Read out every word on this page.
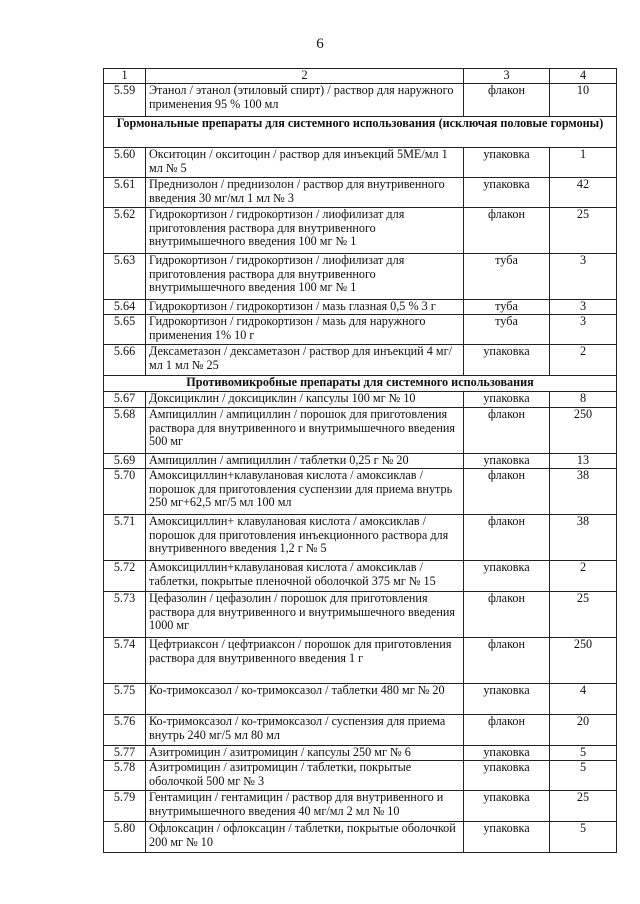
6
1	2	3	4
5.59	Этанол / этанол (этиловый спирт) / раствор для наружного применения 95 % 100 мл	флакон	10
Гормональные препараты для системного использования (исключая половые гормоны)			
5.60	Окситоцин / окситоцин / раствор для инъекций 5МЕ/мл 1 мл № 5	упаковка	1
5.61	Преднизолон / преднизолон / раствор для внутривенного введения 30 мг/мл 1 мл № 3	упаковка	42
5.62	Гидрокортизон / гидрокортизон / лиофилизат для приготовления раствора для внутривенного внутримышечного введения 100 мг № 1	флакон	25
5.63	Гидрокортизон / гидрокортизон / лиофилизат для приготовления раствора для внутривенного внутримышечного введения 100 мг № 1	туба	3
5.64	Гидрокортизон / гидрокортизон / мазь глазная 0,5 % 3 г	туба	3
5.65	Гидрокортизон / гидрокортизон / мазь для наружного применения 1% 10 г	туба	3
5.66	Дексаметазон / дексаметазон / раствор для инъекций 4 мг/мл 1 мл № 25	упаковка	2
Противомикробные препараты для системного использования			
5.67	Доксициклин / доксициклин / капсулы 100 мг № 10	упаковка	8
5.68	Ампициллин / ампициллин / порошок для приготовления раствора для внутривенного и внутримышечного введения 500 мг	флакон	250
5.69	Ампициллин / ампициллин / таблетки 0,25 г № 20	упаковка	13
5.70	Амоксициллин+клавулановая кислота / амоксиклав / порошок для приготовления суспензии для приема внутрь 250 мг+62,5 мг/5 мл 100 мл	флакон	38
5.71	Амоксициллин+ клавулановая кислота / амоксиклав / порошок для приготовления инъекционного раствора для внутривенного введения 1,2 г № 5	флакон	38
5.72	Амоксициллин+клавулановая кислота / амоксиклав / таблетки, покрытые пленочной оболочкой 375 мг № 15	упаковка	2
5.73	Цефазолин / цефазолин / порошок для приготовления раствора для внутривенного и внутримышечного введения 1000 мг	флакон	25
5.74	Цефтриаксон / цефтриаксон / порошок для приготовления раствора для внутривенного введения 1 г	флакон	250
5.75	Ко-тримоксазол / ко-тримоксазол / таблетки 480 мг № 20	упаковка	4
5.76	Ко-тримоксазол / ко-тримоксазол / суспензия для приема внутрь 240 мг/5 мл 80 мл	флакон	20
5.77	Азитромицин / азитромицин / капсулы 250 мг № 6	упаковка	5
5.78	Азитромицин / азитромицин / таблетки, покрытые оболочкой 500 мг № 3	упаковка	5
5.79	Гентамицин / гентамицин / раствор для внутривенного и внутримышечного введения 40 мг/мл 2 мл № 10	упаковка	25
5.80	Офлоксацин / офлоксацин / таблетки, покрытые оболочкой 200 мг № 10	упаковка	5
